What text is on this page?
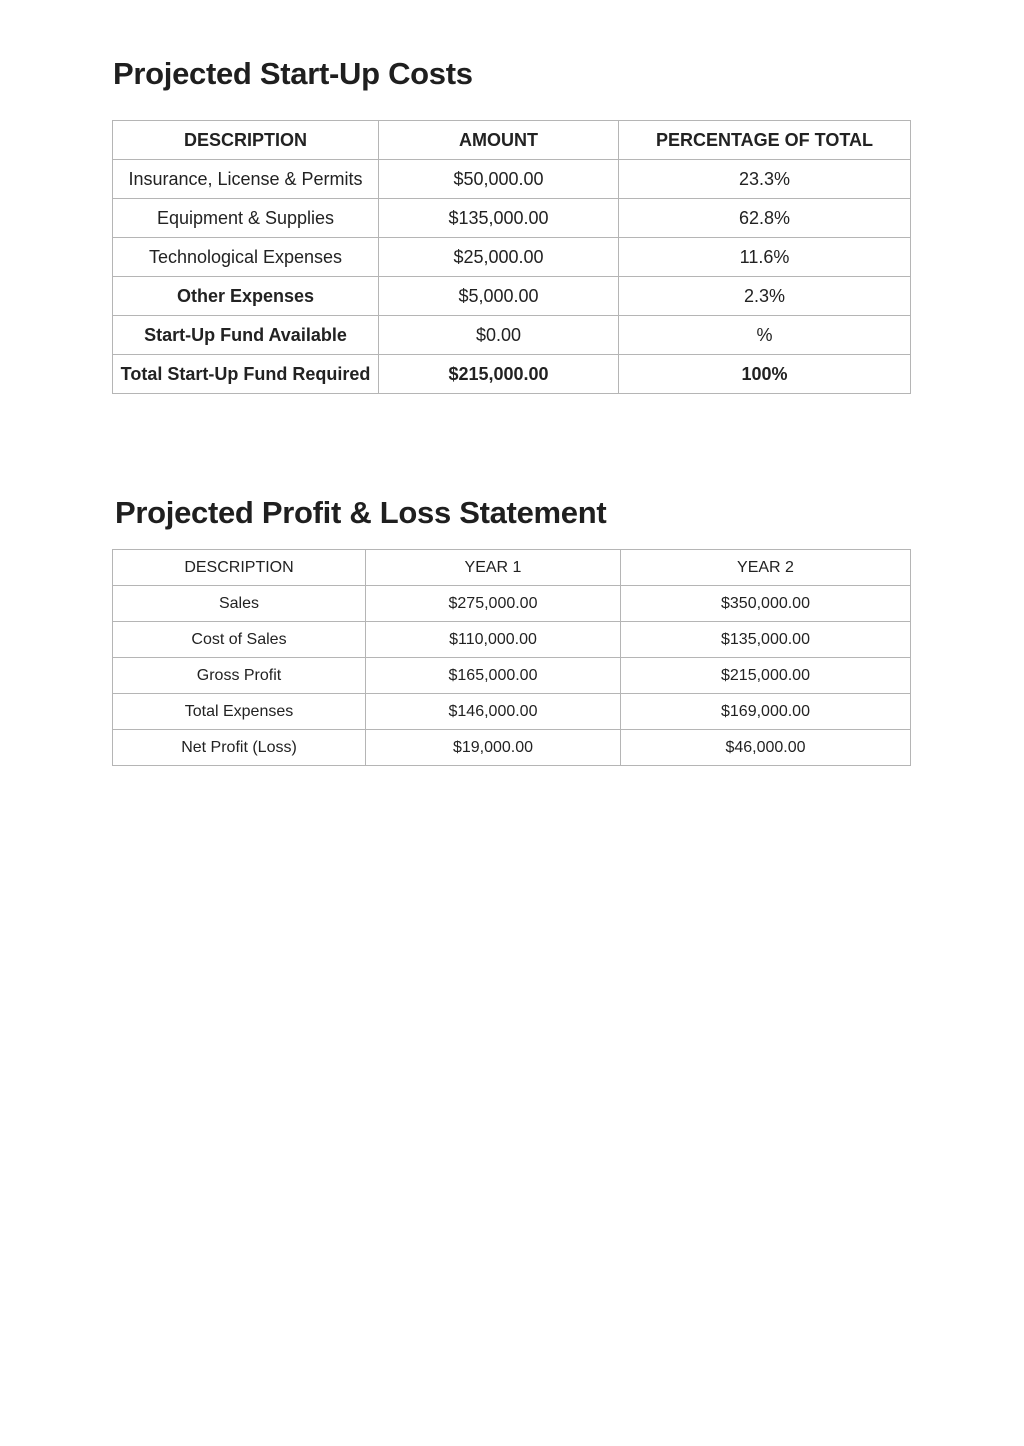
Projected Start-Up Costs
DESCRIPTION	AMOUNT	PERCENTAGE OF TOTAL
Insurance, License & Permits	$50,000.00	23.3%
Equipment & Supplies	$135,000.00	62.8%
Technological Expenses	$25,000.00	11.6%
Other Expenses	$5,000.00	2.3%
Start-Up Fund Available	$0.00	%
Total Start-Up Fund Required	$215,000.00	100%
Projected Profit & Loss Statement
DESCRIPTION	YEAR 1	YEAR 2
Sales	$275,000.00	$350,000.00
Cost of Sales	$110,000.00	$135,000.00
Gross Profit	$165,000.00	$215,000.00
Total Expenses	$146,000.00	$169,000.00
Net Profit (Loss)	$19,000.00	$46,000.00
